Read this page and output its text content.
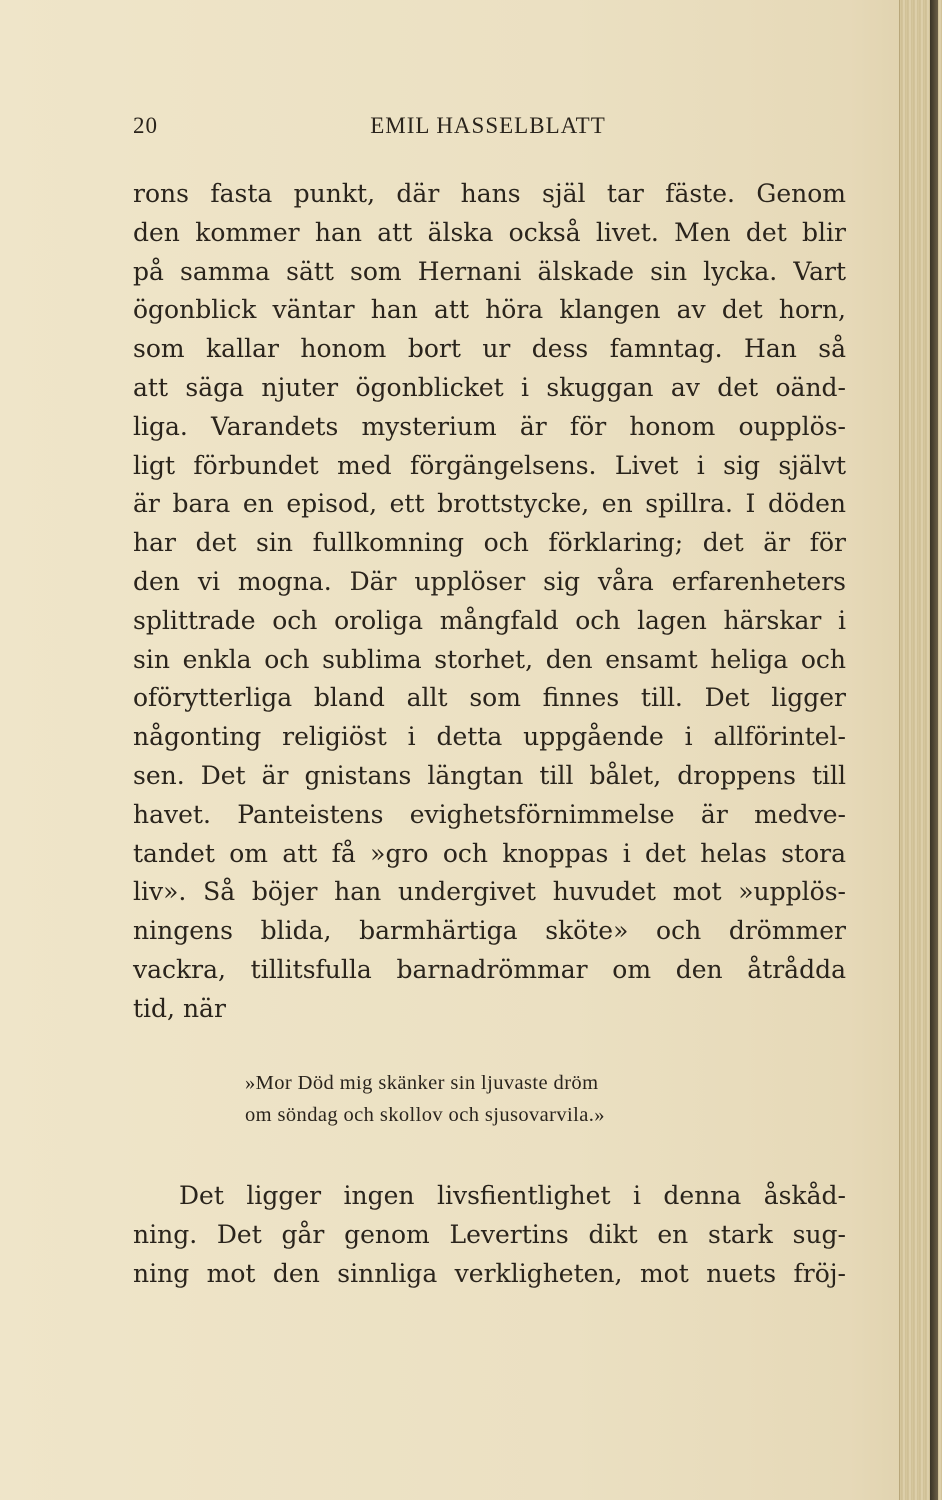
20	EMIL HASSELBLATT
rons fasta punkt, där hans själ tar fäste. Genom
den kommer han att älska också livet. Men det blir
på samma sätt som Hernani älskade sin lycka. Vart
ögonblick väntar han att höra klangen av det horn,
som kallar honom bort ur dess famntag. Han så
att säga njuter ögonblicket i skuggan av det oänd-
liga. Varandets mysterium är för honom oupplös-
ligt förbundet med förgängelsens. Livet i sig självt
är bara en episod, ett brottstycke, en spillra. I döden
har det sin fullkomning och förklaring; det är för
den vi mogna. Där upplöser sig våra erfarenheters
splittrade och oroliga mångfald och lagen härskar i
sin enkla och sublima storhet, den ensamt heliga och
oförytterliga bland allt som finnes till. Det ligger
någonting religiöst i detta uppgående i allförintel-
sen. Det är gnistans längtan till bålet, droppens till
havet. Panteistens evighetsförnimmelse är medve-
tandet om att få »gro och knoppas i det helas stora
liv». Så böjer han undergivet huvudet mot »upplös-
ningens blida, barmhärtiga sköte» och drömmer
vackra, tillitsfulla barnadrömmar om den åtrådda
tid, när
»Mor Död mig skänker sin ljuvaste dröm
om söndag och skollov och sjusovarvila.»
Det ligger ingen livsfientlighet i denna åskåd-
ning. Det går genom Levertins dikt en stark sug-
ning mot den sinnliga verkligheten, mot nuets fröj-
